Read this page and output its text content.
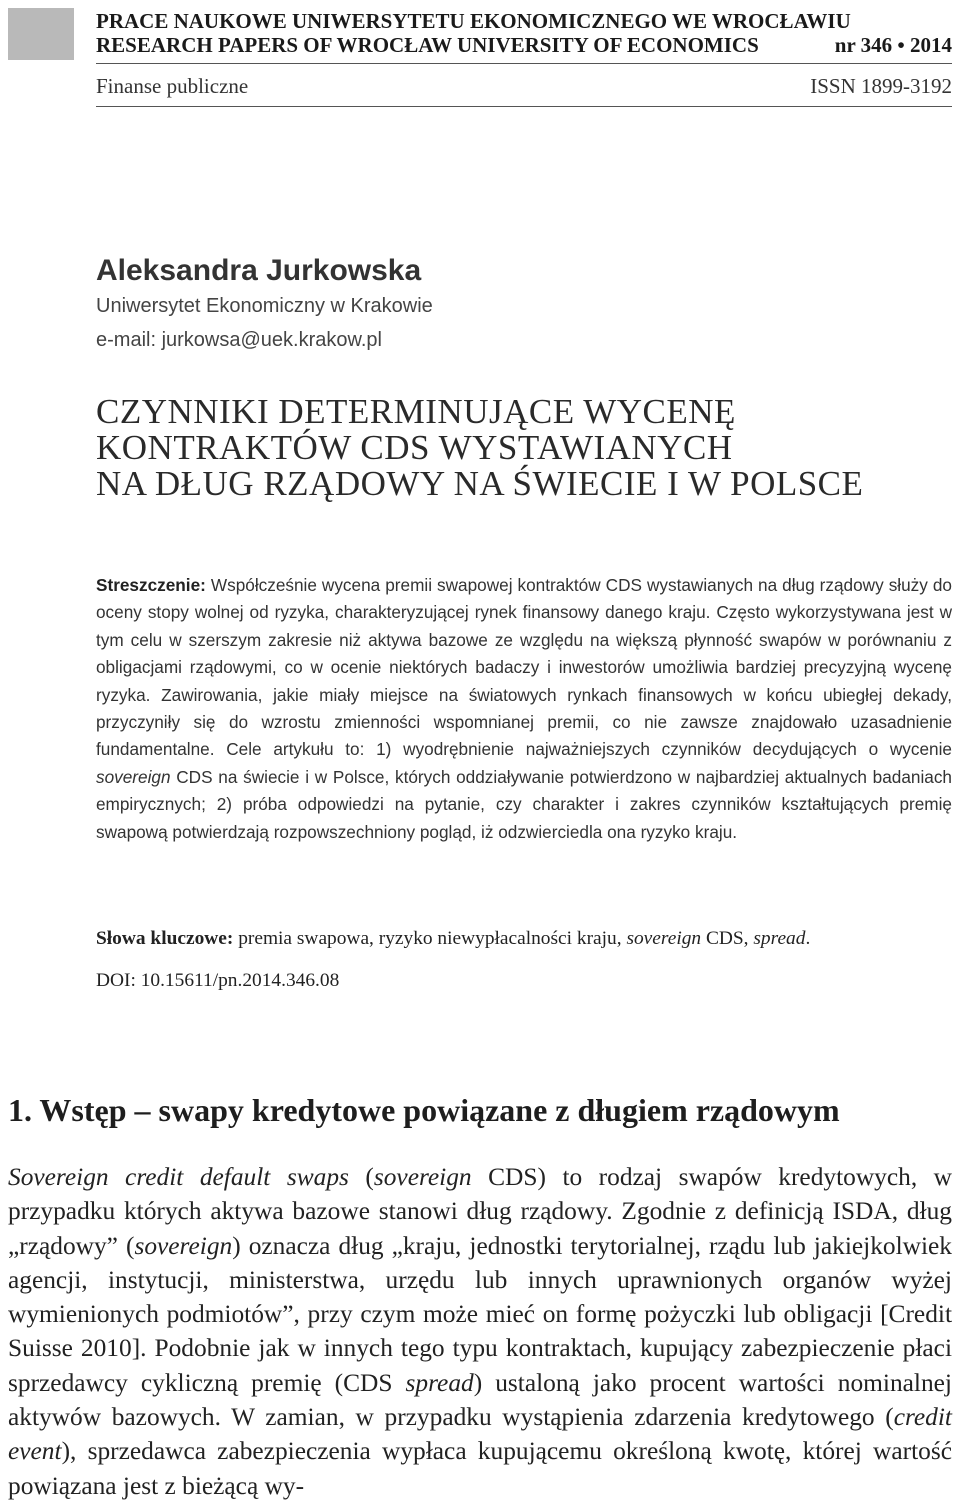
PRACE NAUKOWE UNIWERSYTETU EKONOMICZNEGO WE WROCŁAWIU
RESEARCH PAPERS OF WROCŁAW UNIVERSITY OF ECONOMICS	nr 346 • 2014
Finanse publiczne	ISSN 1899-3192
Aleksandra Jurkowska
Uniwersytet Ekonomiczny w Krakowie
e-mail: jurkowsa@uek.krakow.pl
CZYNNIKI DETERMINUJĄCE WYCENĘ
KONTRAKTÓW CDS WYSTAWIANYCH
NA DŁUG RZĄDOWY NA ŚWIECIE I W POLSCE
Streszczenie: Współcześnie wycena premii swapowej kontraktów CDS wystawianych na dług rządowy służy do oceny stopy wolnej od ryzyka, charakteryzującej rynek finansowy danego kraju. Często wykorzystywana jest w tym celu w szerszym zakresie niż aktywa bazowe ze względu na większą płynność swapów w porównaniu z obligacjami rządowymi, co w ocenie niektórych badaczy i inwestorów umożliwia bardziej precyzyjną wycenę ryzyka. Zawirowania, jakie miały miejsce na światowych rynkach finansowych w końcu ubiegłej dekady, przyczyniły się do wzrostu zmienności wspomnianej premii, co nie zawsze znajdowało uzasadnienie fundamentalne. Cele artykułu to: 1) wyodrębnienie najważniejszych czynników decydujących o wycenie sovereign CDS na świecie i w Polsce, których oddziaływanie potwierdzono w najbardziej aktualnych badaniach empirycznych; 2) próba odpowiedzi na pytanie, czy charakter i zakres czynników kształtujących premię swapową potwierdzają rozpowszechniony pogląd, iż odzwierciedla ona ryzyko kraju.
Słowa kluczowe: premia swapowa, ryzyko niewypłacalności kraju, sovereign CDS, spread.
DOI: 10.15611/pn.2014.346.08
1. Wstęp – swapy kredytowe powiązane z długiem rządowym

Sovereign credit default swaps (sovereign CDS) to rodzaj swapów kredytowych, w przypadku których aktywa bazowe stanowi dług rządowy. Zgodnie z definicją ISDA, dług „rządowy” (sovereign) oznacza dług „kraju, jednostki terytorialnej, rządu lub jakiejkolwiek agencji, instytucji, ministerstwa, urzędu lub innych uprawnionych organów wyżej wymienionych podmiotów”, przy czym może mieć on formę pożyczki lub obligacji [Credit Suisse 2010]. Podobnie jak w innych tego typu kontraktach, kupujący zabezpieczenie płaci sprzedawcy cykliczną premię (CDS spread) ustaloną jako procent wartości nominalnej aktywów bazowych. W zamian, w przypadku wystąpienia zdarzenia kredytowego (credit event), sprzedawca zabezpieczenia wypłaca kupującemu określoną kwotę, której wartość powiązana jest z bieżącą wy-
